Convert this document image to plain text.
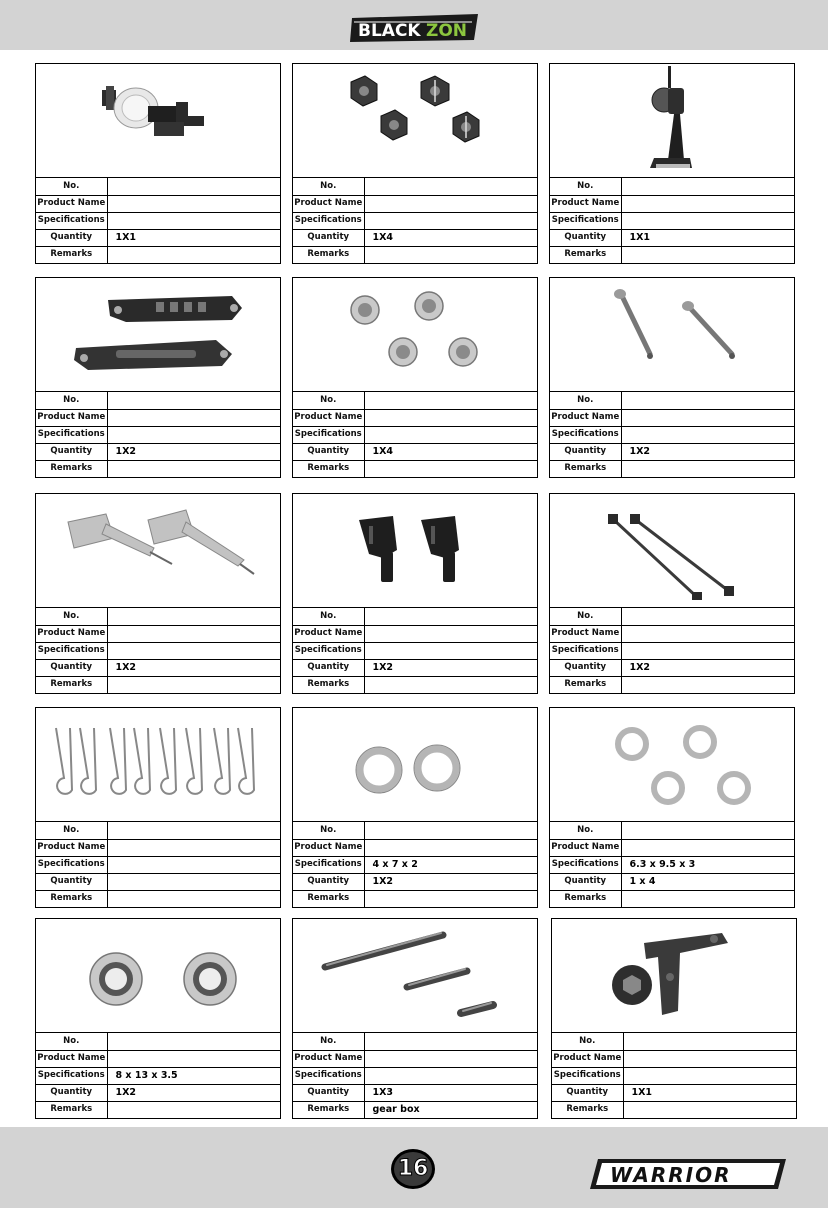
BLACK ZON
No.	
Product Name	
Specifications	
Quantity	1X1
Remarks	
No.	
Product Name	
Specifications	
Quantity	1X4
Remarks	
No.	
Product Name	
Specifications	
Quantity	1X1
Remarks	
No.	
Product Name	
Specifications	
Quantity	1X2
Remarks	
No.	
Product Name	
Specifications	
Quantity	1X4
Remarks	
No.	
Product Name	
Specifications	
Quantity	1X2
Remarks	
No.	
Product Name	
Specifications	
Quantity	1X2
Remarks	
No.	
Product Name	
Specifications	
Quantity	1X2
Remarks	
No.	
Product Name	
Specifications	
Quantity	1X2
Remarks	
No.	
Product Name	
Specifications	
Quantity	
Remarks	
No.	
Product Name	
Specifications	4 x 7 x 2
Quantity	1X2
Remarks	
No.	
Product Name	
Specifications	6.3 x 9.5 x 3
Quantity	1 x 4
Remarks	
No.	
Product Name	
Specifications	8 x 13 x 3.5
Quantity	1X2
Remarks	
No.	
Product Name	
Specifications	
Quantity	1X3
Remarks	gear box
No.	
Product Name	
Specifications	
Quantity	1X1
Remarks	
16	WARRIOR
